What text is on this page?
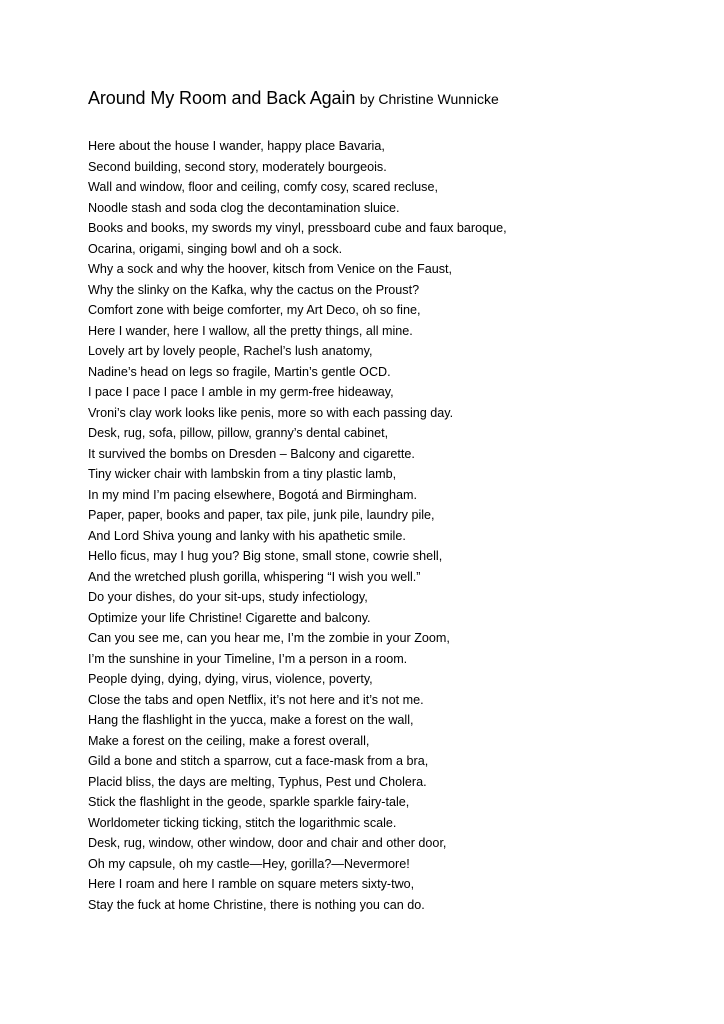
Around My Room and Back Again by Christine Wunnicke
Here about the house I wander, happy place Bavaria,
Second building, second story, moderately bourgeois.
Wall and window, floor and ceiling, comfy cosy, scared recluse,
Noodle stash and soda clog the decontamination sluice.
Books and books, my swords my vinyl, pressboard cube and faux baroque,
Ocarina, origami, singing bowl and oh a sock.
Why a sock and why the hoover, kitsch from Venice on the Faust,
Why the slinky on the Kafka, why the cactus on the Proust?
Comfort zone with beige comforter, my Art Deco, oh so fine,
Here I wander, here I wallow, all the pretty things, all mine.
Lovely art by lovely people, Rachel’s lush anatomy,
Nadine’s head on legs so fragile, Martin’s gentle OCD.
I pace I pace I pace I amble in my germ-free hideaway,
Vroni’s clay work looks like penis, more so with each passing day.
Desk, rug, sofa, pillow, pillow, granny’s dental cabinet,
It survived the bombs on Dresden – Balcony and cigarette.
Tiny wicker chair with lambskin from a tiny plastic lamb,
In my mind I’m pacing elsewhere, Bogotá and Birmingham.
Paper, paper, books and paper, tax pile, junk pile, laundry pile,
And Lord Shiva young and lanky with his apathetic smile.
Hello ficus, may I hug you? Big stone, small stone, cowrie shell,
And the wretched plush gorilla, whispering “I wish you well.”
Do your dishes, do your sit-ups, study infectiology,
Optimize your life Christine! Cigarette and balcony.
Can you see me, can you hear me, I’m the zombie in your Zoom,
I’m the sunshine in your Timeline, I’m a person in a room.
People dying, dying, dying, virus, violence, poverty,
Close the tabs and open Netflix, it’s not here and it’s not me.
Hang the flashlight in the yucca, make a forest on the wall,
Make a forest on the ceiling, make a forest overall,
Gild a bone and stitch a sparrow, cut a face-mask from a bra,
Placid bliss, the days are melting, Typhus, Pest und Cholera.
Stick the flashlight in the geode, sparkle sparkle fairy-tale,
Worldometer ticking ticking, stitch the logarithmic scale.
Desk, rug, window, other window, door and chair and other door,
Oh my capsule, oh my castle—Hey, gorilla?—Nevermore!
Here I roam and here I ramble on square meters sixty-two,
Stay the fuck at home Christine, there is nothing you can do.
